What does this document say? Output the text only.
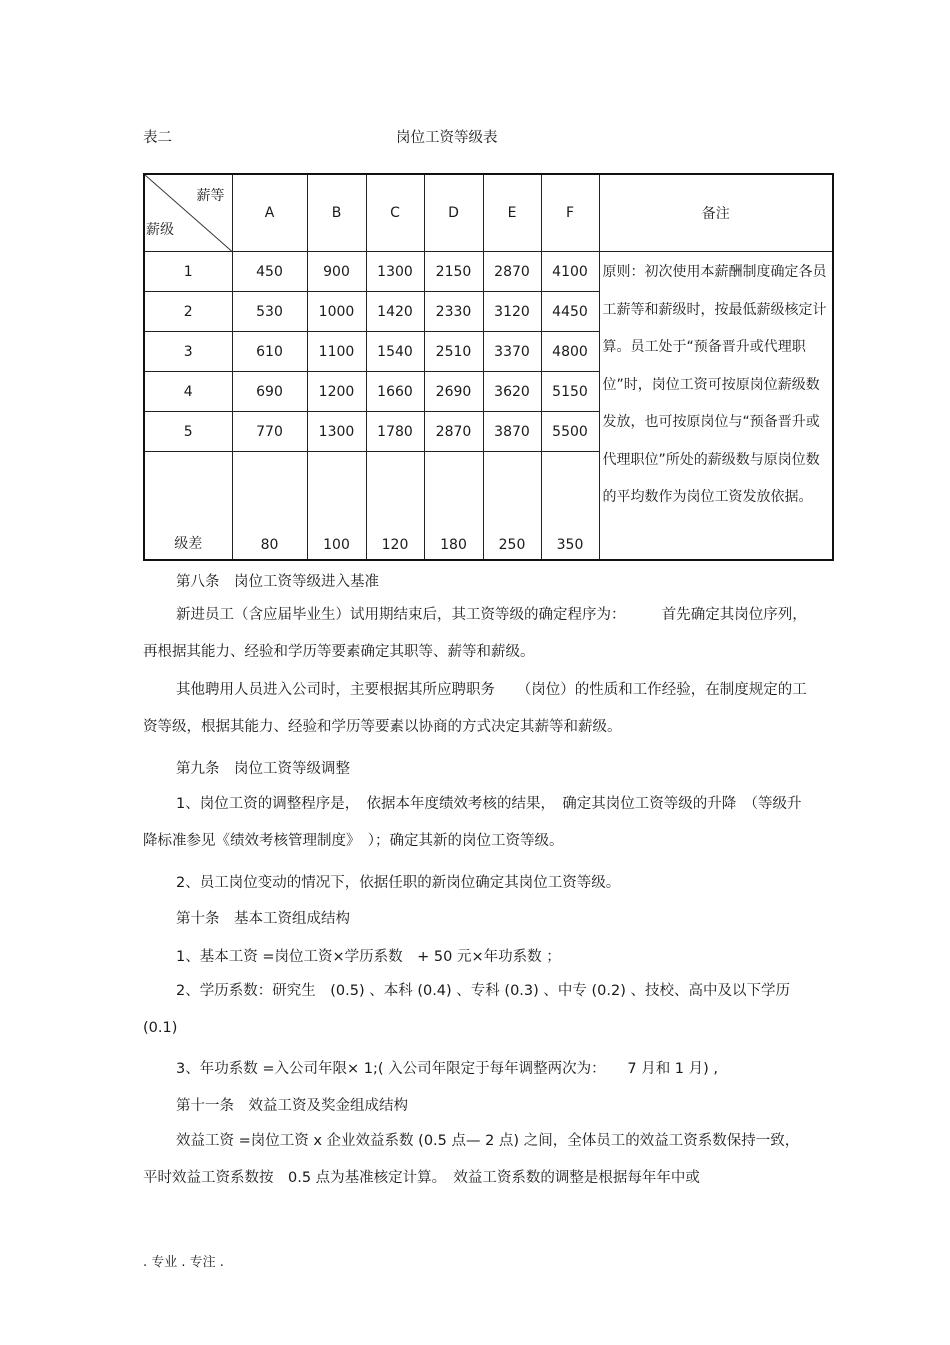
表二	岗位工资等级表
薪等
薪级	A	B	C	D	E	F	备注
1	450	900	1300	2150	2870	4100	原则：初次使用本薪酬制度确定各员工薪等和薪级时，按最低薪级核定计算。员工处于“预备晋升或代理职位”时，岗位工资可按原岗位薪级数发放，也可按原岗位与“预备晋升或代理职位”所处的薪级数与原岗位数的平均数作为岗位工资发放依据。
2	530	1000	1420	2330	3120	4450	
3	610	1100	1540	2510	3370	4800	
4	690	1200	1660	2690	3620	5150	
5	770	1300	1780	2870	3870	5500	
级差	80	100	120	180	250	350	
第八条　岗位工资等级进入基准
新进员工（含应届毕业生）试用期结束后，其工资等级的确定程序为：　　　首先确定其岗位序列，再根据其能力、经验和学历等要素确定其职等、薪等和薪级。
其他聘用人员进入公司时，主要根据其所应聘职务　　（岗位）的性质和工作经验，在制度规定的工资等级，根据其能力、经验和学历等要素以协商的方式决定其薪等和薪级。
第九条　岗位工资等级调整
1、岗位工资的调整程序是，　依据本年度绩效考核的结果，　确定其岗位工资等级的升降　（等级升降标准参见《绩效考核管理制度》　）；确定其新的岗位工资等级。
2、员工岗位变动的情况下，依据任职的新岗位确定其岗位工资等级。
第十条　基本工资组成结构
1、基本工资 =岗位工资×学历系数　+ 50 元×年功系数 ；
2、学历系数：研究生　(0.5) 、本科 (0.4) 、专科 (0.3) 、中专 (0.2) 、技校、高中及以下学历 (0.1)
3、年功系数 =入公司年限× 1;( 入公司年限定于每年调整两次为：　　7 月和 1 月) ,
第十一条　效益工资及奖金组成结构
效益工资 =岗位工资 x 企业效益系数 (0.5 点— 2 点) 之间，全体员工的效益工资系数保持一致，平时效益工资系数按　0.5 点为基准核定计算。　效益工资系数的调整是根据每年年中或
. 专业 . 专注 .
